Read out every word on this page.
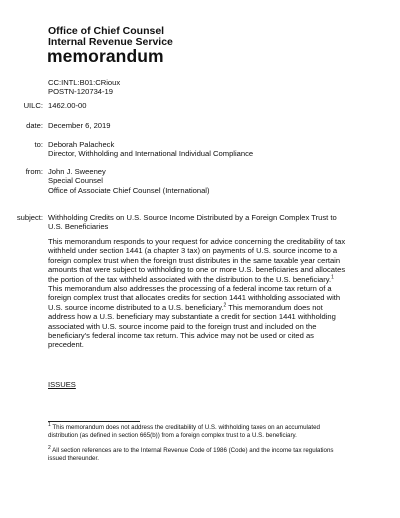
Office of Chief Counsel
Internal Revenue Service
memorandum
CC:INTL:B01:CRioux
POSTN-120734-19
UILC: 1462.00-00
date: December 6, 2019
to: Deborah Palacheck
Director, Withholding and International Individual Compliance
from: John J. Sweeney
Special Counsel
Office of Associate Chief Counsel (International)
subject: Withholding Credits on U.S. Source Income Distributed by a Foreign Complex Trust to
U.S. Beneficiaries
This memorandum responds to your request for advice concerning the creditability of tax
withheld under section 1441 (a chapter 3 tax) on payments of U.S. source income to a
foreign complex trust when the foreign trust distributes in the same taxable year certain
amounts that were subject to withholding to one or more U.S. beneficiaries and allocates
the portion of the tax withheld associated with the distribution to the U.S. beneficiary.$^1$
This memorandum also addresses the processing of a federal income tax return of a
foreign complex trust that allocates credits for section 1441 withholding associated with
U.S. source income distributed to a U.S. beneficiary.$^2$ This memorandum does not
address how a U.S. beneficiary may substantiate a credit for section 1441 withholding
associated with U.S. source income paid to the foreign trust and included on the
beneficiary's federal income tax return. This advice may not be used or cited as
precedent.
ISSUES
$^1$ This memorandum does not address the creditability of U.S. withholding taxes on an accumulated
distribution (as defined in section 665(b)) from a foreign complex trust to a U.S. beneficiary.
$^2$ All section references are to the Internal Revenue Code of 1986 (Code) and the income tax regulations
issued thereunder.
